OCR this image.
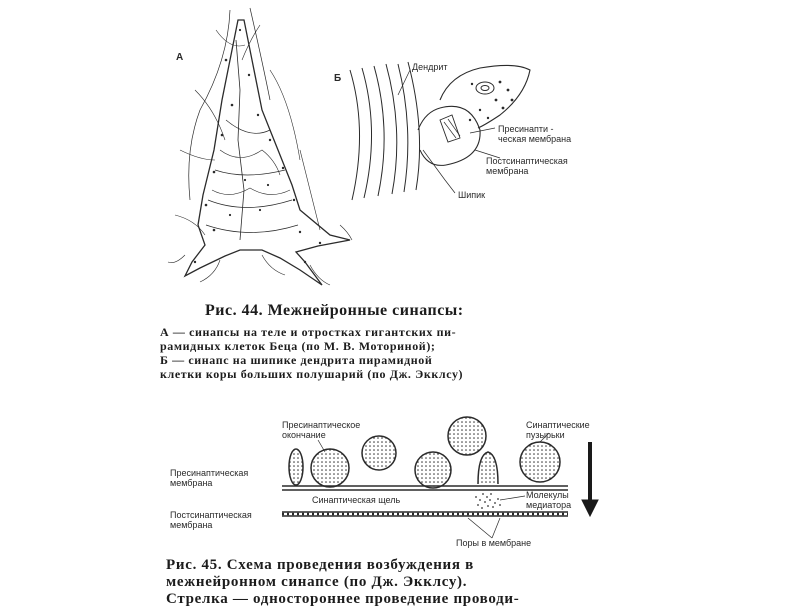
А
Б
Дендрит
Пресинапти -
ческая мембрана
Постсинаптическая
мембрана
Шипик
Рис. 44. Межнейронные синапсы:
А — синапсы на теле и отростках гигантских пи-
рамидных клеток Беца (по М. В. Моториной);
Б — синапс на шипике дендрита пирамидной
клетки коры больших полушарий (по Дж. Экклсу)
Пресинаптическое
окончание
Синаптические
пузырьки
Пресинаптическая
мембрана
Синаптическая щель	Молекулы
медиатора
Постсинаптическая
мембрана
Поры в мембране
Рис. 45. Схема проведения возбуждения в
межнейронном синапсе (по Дж. Экклсу).
Стрелка — одностороннее проведение проводи-
